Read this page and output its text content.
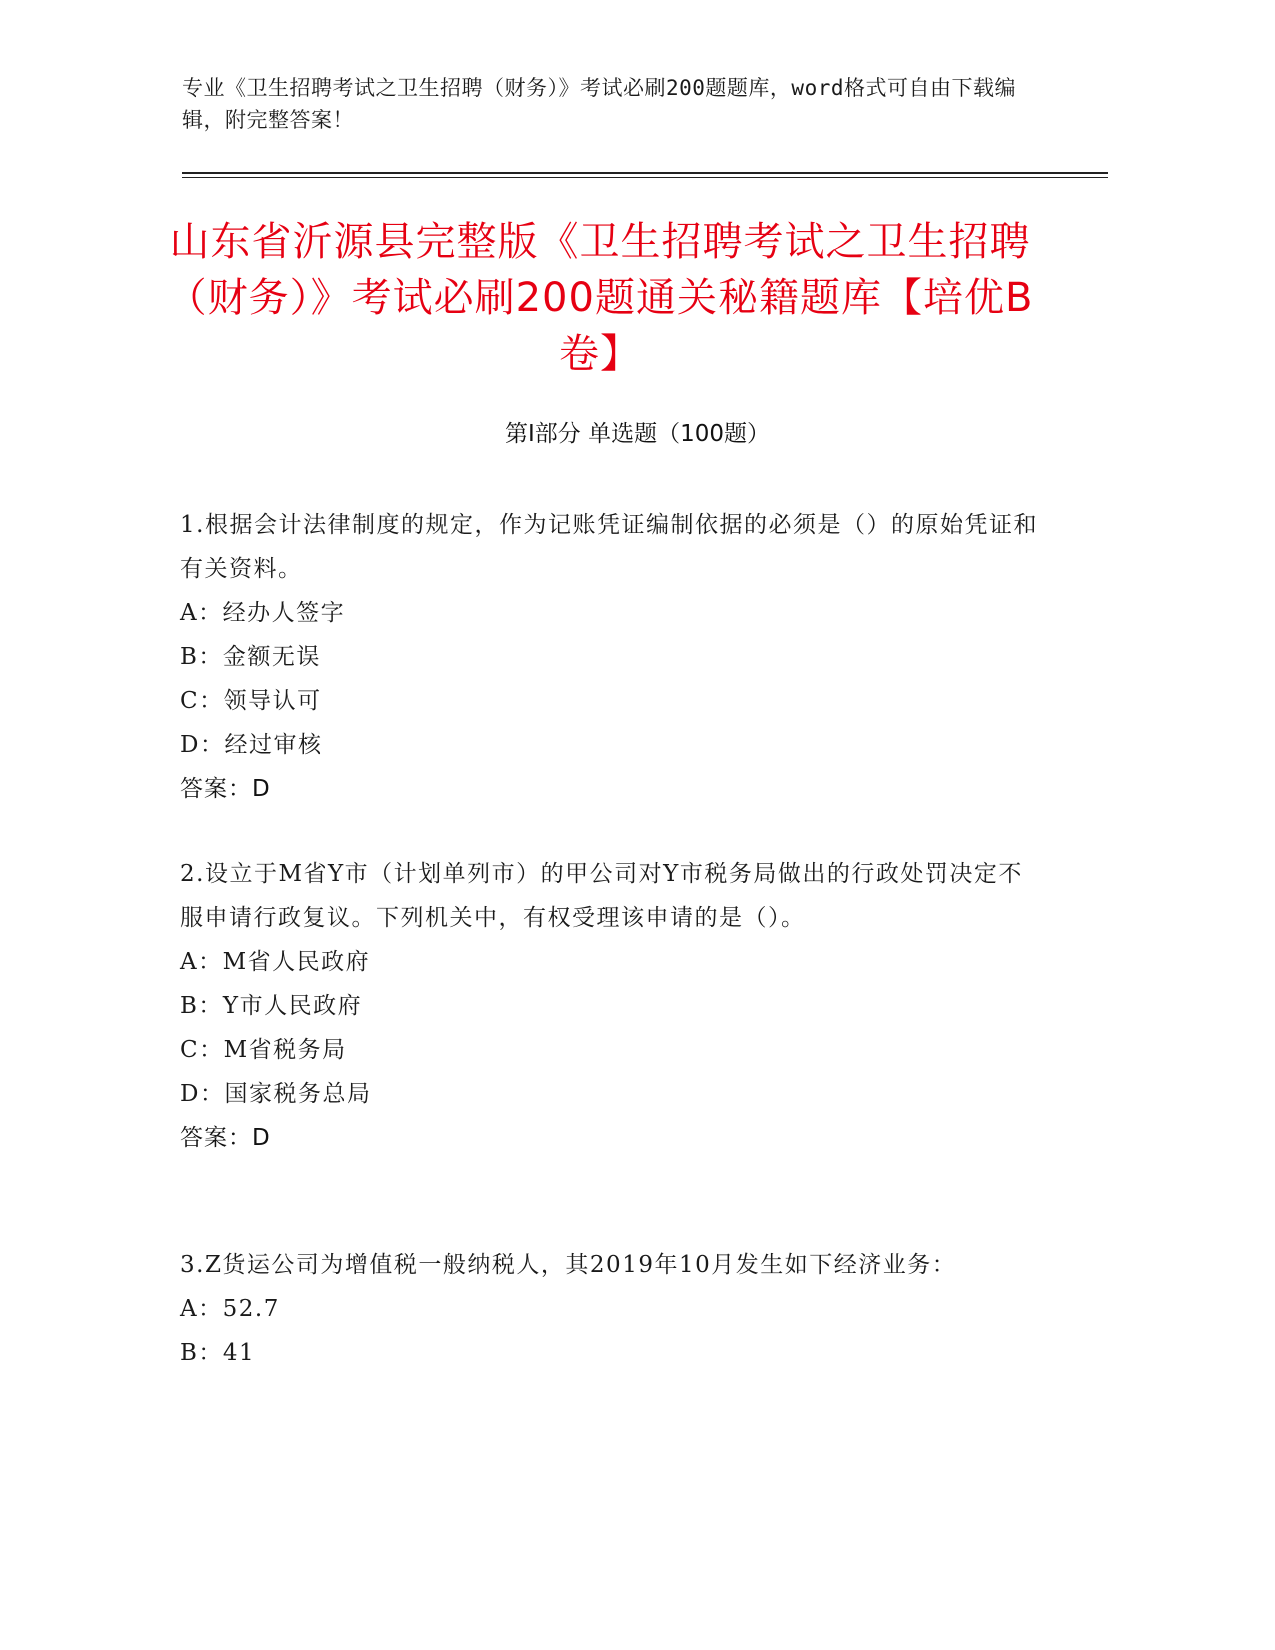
专业《卫生招聘考试之卫生招聘（财务）》考试必刷200题题库，word格式可自由下载编辑，附完整答案！
山东省沂源县完整版《卫生招聘考试之卫生招聘（财务）》考试必刷200题通关秘籍题库【培优B卷】
第I部分 单选题（100题）
1.根据会计法律制度的规定，作为记账凭证编制依据的必须是（）的原始凭证和有关资料。
A：经办人签字
B：金额无误
C：领导认可
D：经过审核
答案：D
2.设立于M省Y市（计划单列市）的甲公司对Y市税务局做出的行政处罚决定不服申请行政复议。下列机关中，有权受理该申请的是（）。
A：M省人民政府
B：Y市人民政府
C：M省税务局
D：国家税务总局
答案：D
3.Z货运公司为增值税一般纳税人，其2019年10月发生如下经济业务：
A：52.7
B：41
